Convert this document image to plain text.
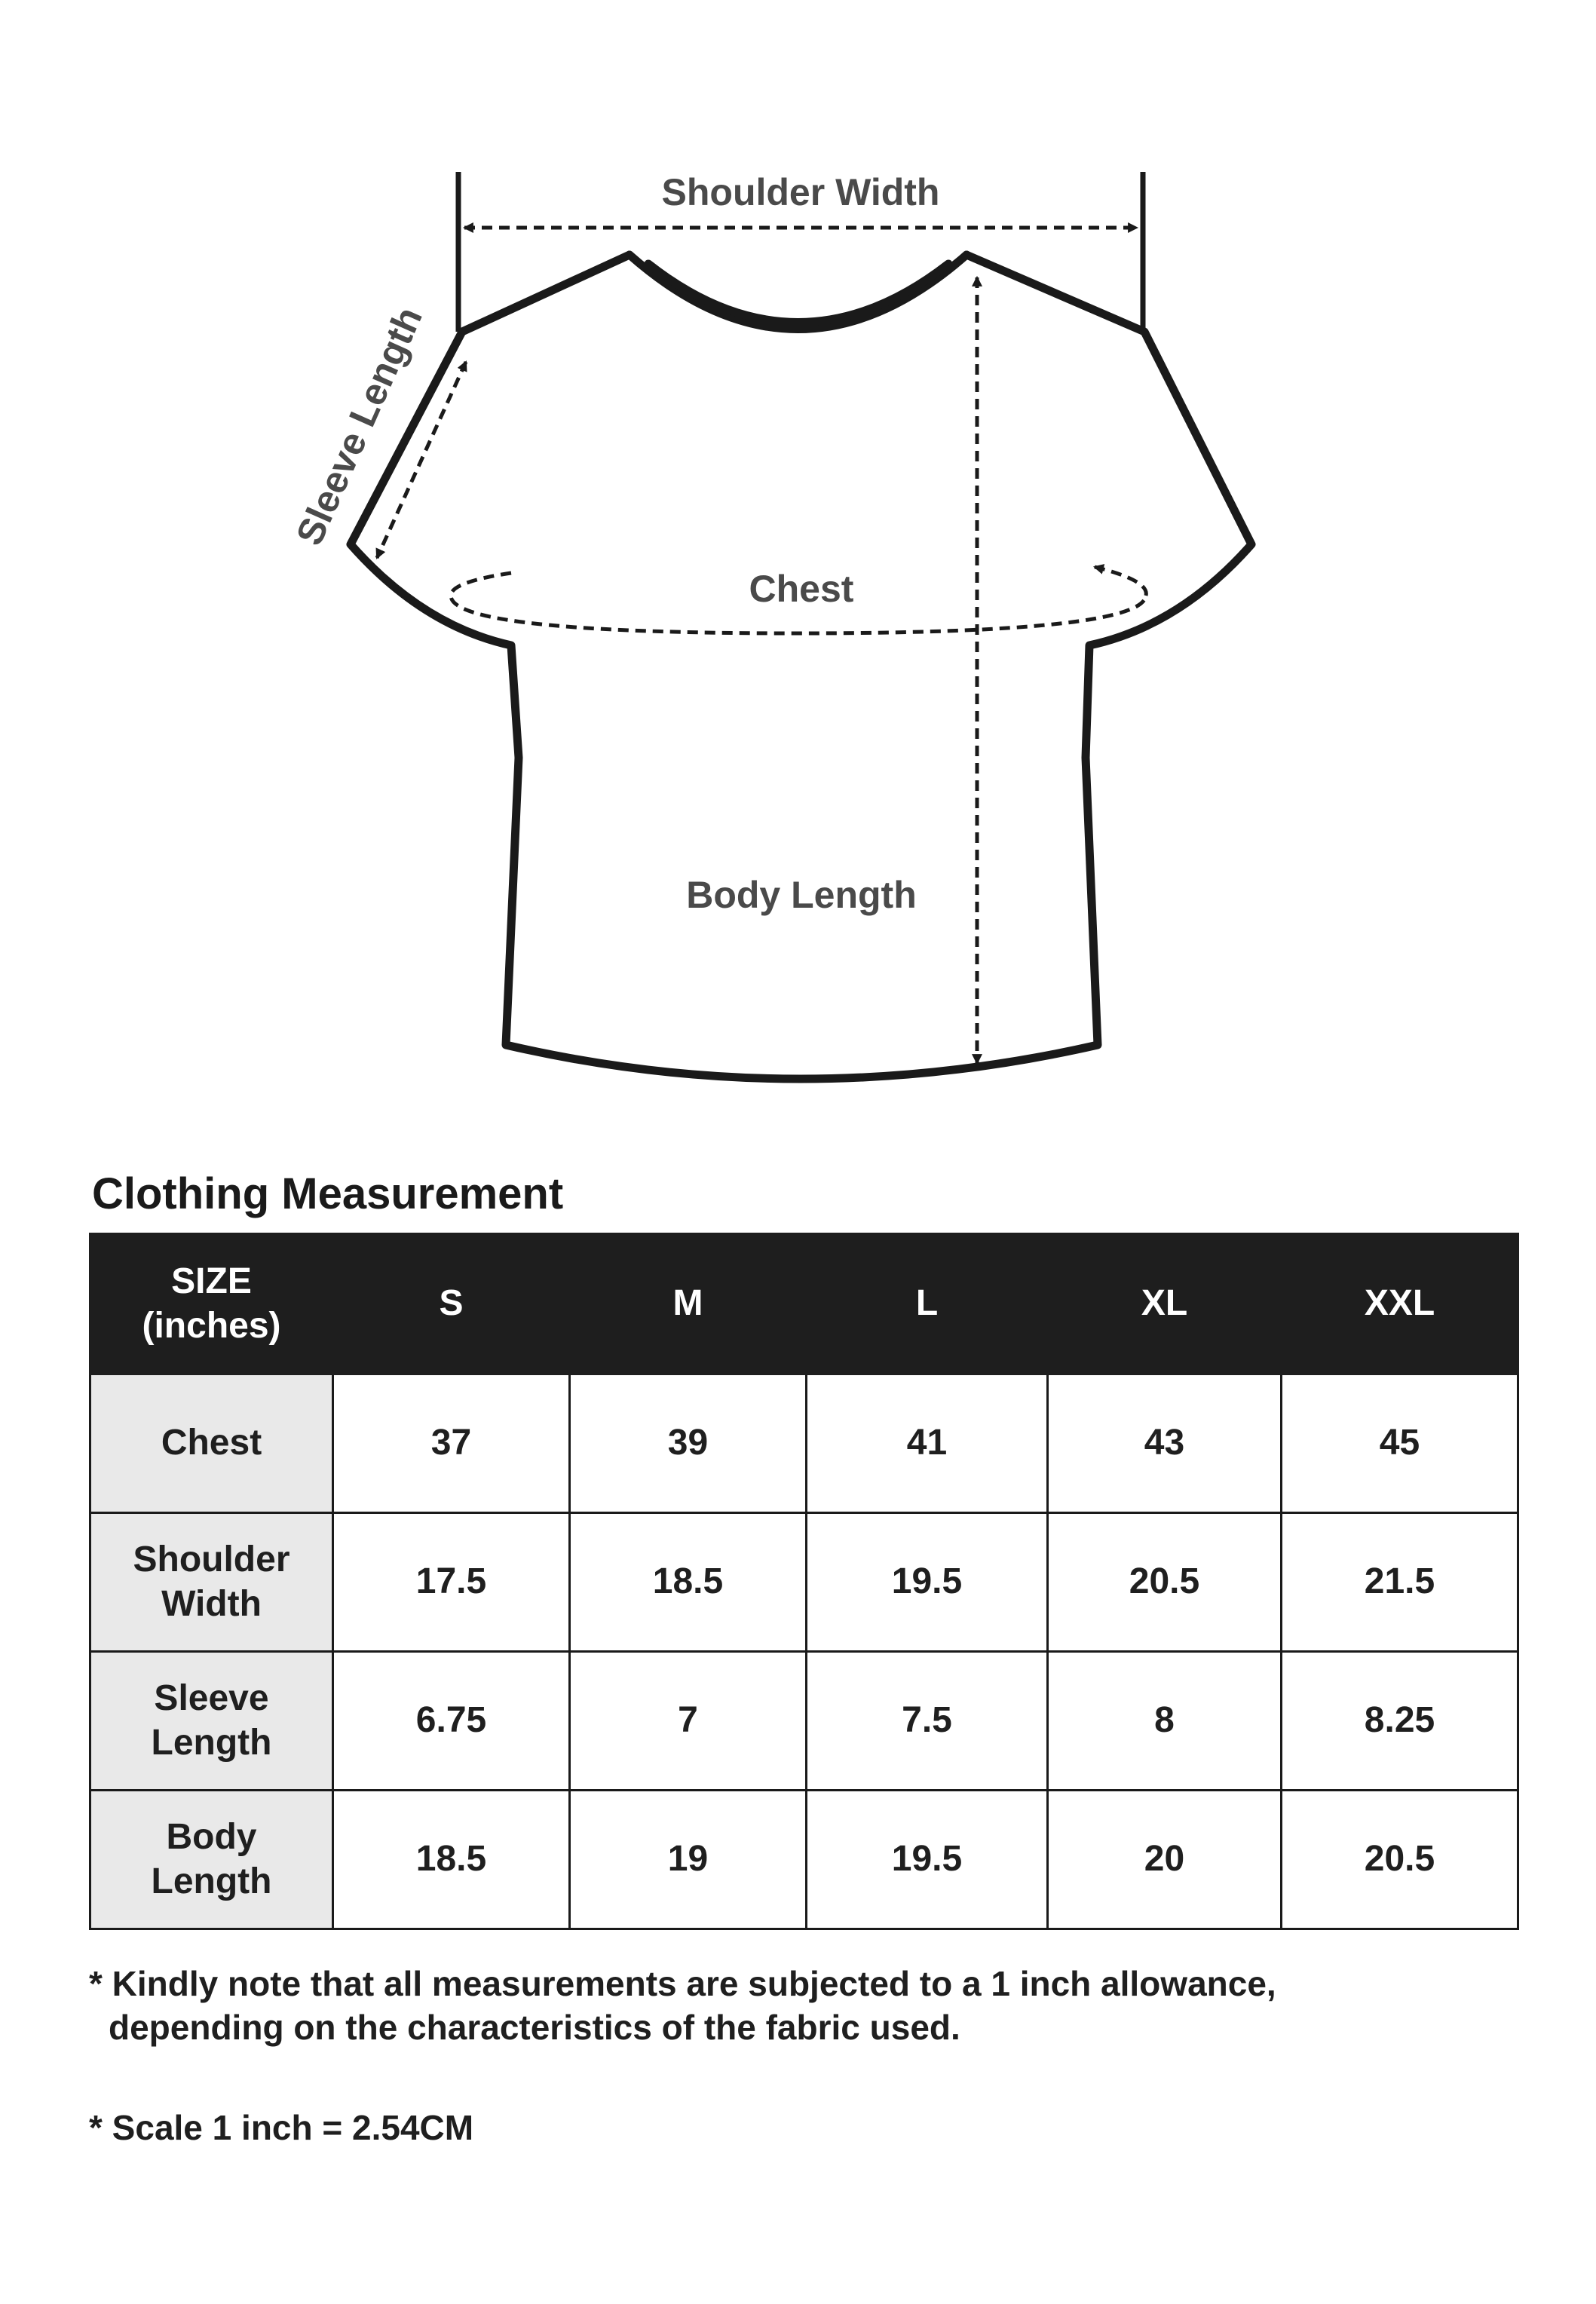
Shoulder Width
Sleeve Length
Chest
Body Length
Clothing Measurement
SIZE
(inches)	S	M	L	XL	XXL

Chest	37	39	41	43	45

Shoulder
Width	17.5	18.5	19.5	20.5	21.5

Sleeve
Length	6.75	7	7.5	8	8.25

Body
Length	18.5	19	19.5	20	20.5

* Kindly note that all measurements are subjected to a 1 inch allowance,
depending on the characteristics of the fabric used.

* Scale 1 inch = 2.54CM
